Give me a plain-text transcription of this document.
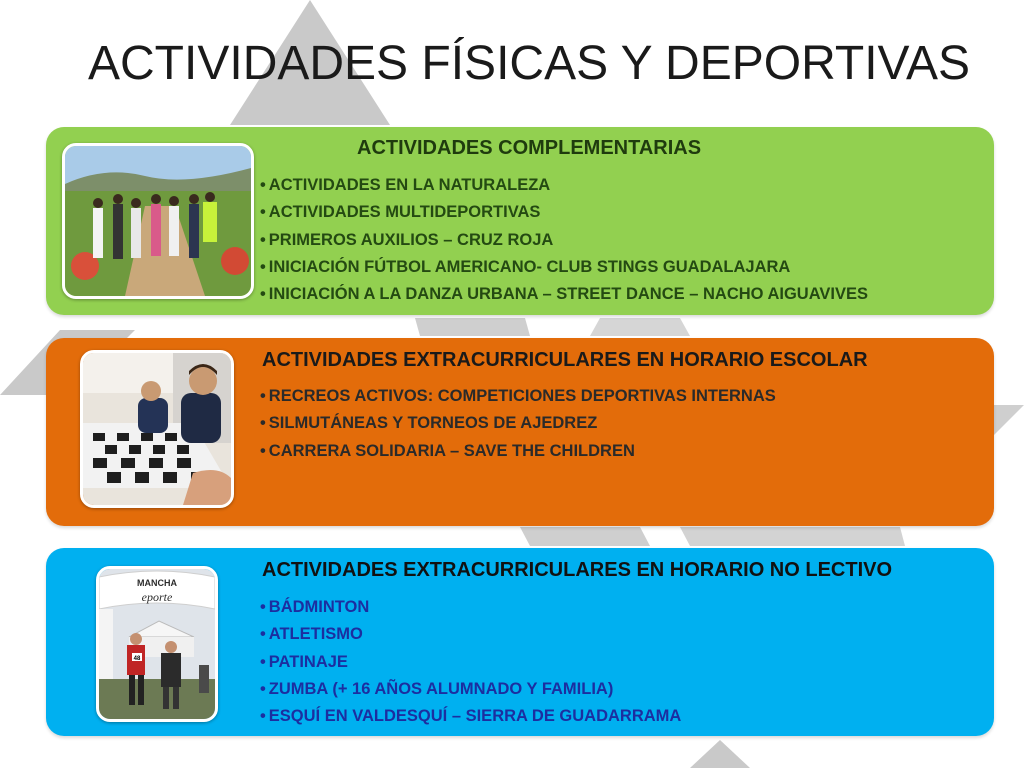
ACTIVIDADES FÍSICAS Y DEPORTIVAS
ACTIVIDADES COMPLEMENTARIAS
• ACTIVIDADES EN LA NATURALEZA
• ACTIVIDADES MULTIDEPORTIVAS
• PRIMEROS AUXILIOS – CRUZ ROJA
• INICIACIÓN FÚTBOL AMERICANO- CLUB STINGS GUADALAJARA
• INICIACIÓN A LA DANZA URBANA – STREET DANCE – NACHO AIGUAVIVES
ACTIVIDADES EXTRACURRICULARES EN HORARIO ESCOLAR
• RECREOS ACTIVOS: COMPETICIONES DEPORTIVAS INTERNAS
• SILMUTÁNEAS Y TORNEOS DE AJEDREZ
• CARRERA SOLIDARIA – SAVE THE CHILDREN
MANCHA
eporte
48
ACTIVIDADES EXTRACURRICULARES EN HORARIO NO LECTIVO
• BÁDMINTON
• ATLETISMO
• PATINAJE
• ZUMBA (+ 16 AÑOS ALUMNADO Y FAMILIA)
• ESQUÍ EN VALDESQUÍ – SIERRA DE GUADARRAMA
